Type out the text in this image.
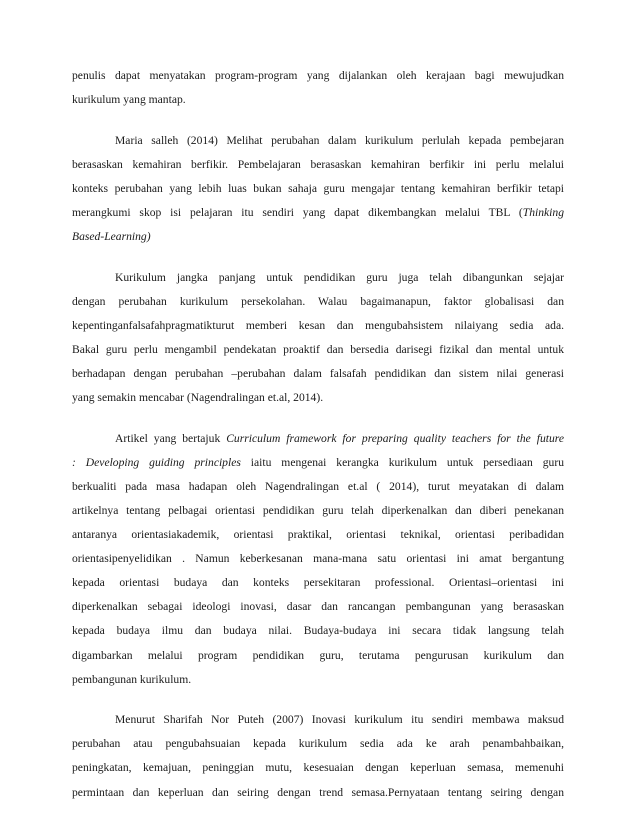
penulis dapat menyatakan program-program yang dijalankan oleh kerajaan bagi mewujudkan
kurikulum yang mantap.
Maria salleh (2014) Melihat perubahan dalam kurikulum perlulah kepada pembejaran
berasaskan kemahiran berfikir. Pembelajaran berasaskan kemahiran berfikir ini perlu melalui
konteks perubahan yang lebih luas bukan sahaja guru mengajar tentang kemahiran berfikir tetapi
merangkumi skop isi pelajaran itu sendiri yang dapat dikembangkan melalui TBL (Thinking
Based-Learning)
Kurikulum jangka panjang untuk pendidikan guru juga telah dibangunkan sejajar
dengan perubahan kurikulum persekolahan. Walau bagaimanapun, faktor globalisasi dan
kepentinganfalsafahpragmatikturut memberi kesan dan mengubahsistem nilaiyang sedia ada.
Bakal guru perlu mengambil pendekatan proaktif dan bersedia darisegi fizikal dan mental untuk
berhadapan dengan perubahan –perubahan dalam falsafah pendidikan dan sistem nilai generasi
yang semakin mencabar (Nagendralingan et.al, 2014).
Artikel yang bertajuk Curriculum framework for preparing quality teachers for the future
: Developing guiding principles iaitu mengenai kerangka kurikulum untuk persediaan guru
berkualiti pada masa hadapan oleh Nagendralingan et.al ( 2014), turut meyatakan di dalam
artikelnya tentang pelbagai orientasi pendidikan guru telah diperkenalkan dan diberi penekanan
antaranya orientasiakademik, orientasi praktikal, orientasi teknikal, orientasi peribadidan
orientasipenyelidikan . Namun keberkesanan mana-mana satu orientasi ini amat bergantung
kepada orientasi budaya dan konteks persekitaran professional. Orientasi–orientasi ini
diperkenalkan sebagai ideologi inovasi, dasar dan rancangan pembangunan yang berasaskan
kepada budaya ilmu dan budaya nilai. Budaya-budaya ini secara tidak langsung telah
digambarkan melalui program pendidikan guru, terutama pengurusan kurikulum dan
pembangunan kurikulum.
Menurut Sharifah Nor Puteh (2007) Inovasi kurikulum itu sendiri membawa maksud
perubahan atau pengubahsuaian kepada kurikulum sedia ada ke arah penambahbaikan,
peningkatan, kemajuan, peninggian mutu, kesesuaian dengan keperluan semasa, memenuhi
permintaan dan keperluan dan seiring dengan trend semasa.Pernyataan tentang seiring dengan
